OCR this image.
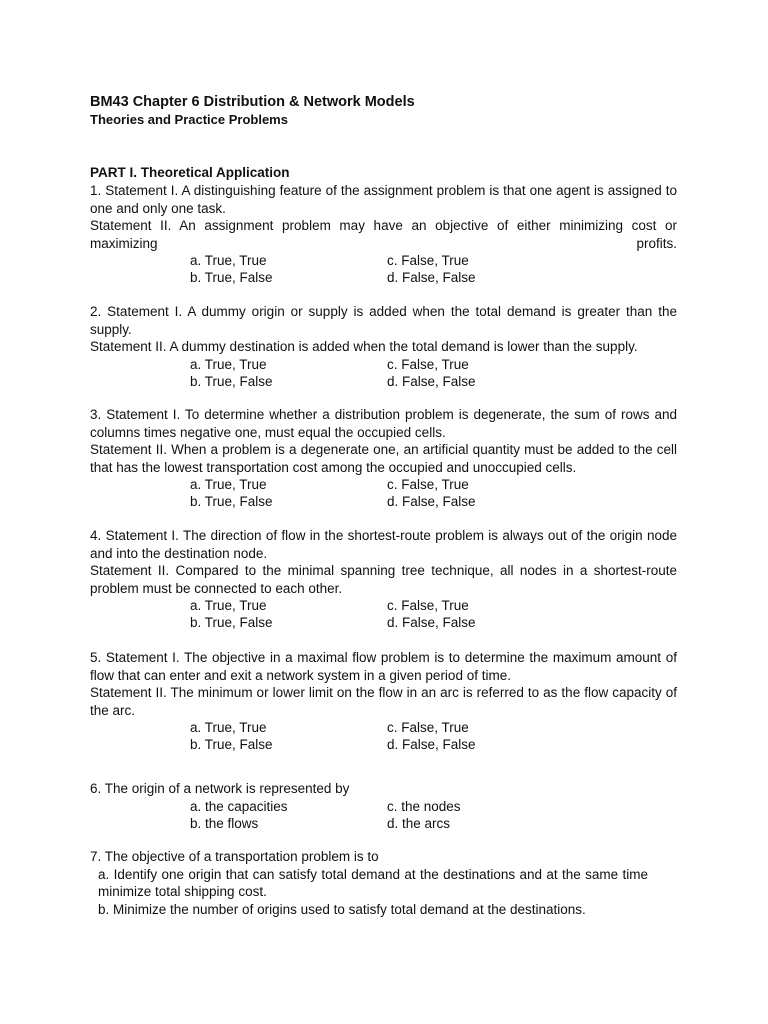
BM43 Chapter 6 Distribution & Network Models
Theories and Practice Problems
PART I. Theoretical Application

1. Statement I. A distinguishing feature of the assignment problem is that one agent is assigned to one and only one task.

Statement II. An assignment problem may have an objective of either minimizing cost or maximizing profits.

a. True, True	c. False, True
b. True, False	d. False, False

2. Statement I. A dummy origin or supply is added when the total demand is greater than the supply.

Statement II. A dummy destination is added when the total demand is lower than the supply.

a. True, True	c. False, True
b. True, False	d. False, False

3. Statement I. To determine whether a distribution problem is degenerate, the sum of rows and columns times negative one, must equal the occupied cells.

Statement II. When a problem is a degenerate one, an artificial quantity must be added to the cell that has the lowest transportation cost among the occupied and unoccupied cells.

a. True, True	c. False, True
b. True, False	d. False, False

4. Statement I. The direction of flow in the shortest-route problem is always out of the origin node and into the destination node.

Statement II. Compared to the minimal spanning tree technique, all nodes in a shortest-route problem must be connected to each other.

a. True, True	c. False, True
b. True, False	d. False, False

5. Statement I. The objective in a maximal flow problem is to determine the maximum amount of flow that can enter and exit a network system in a given period of time.

Statement II. The minimum or lower limit on the flow in an arc is referred to as the flow capacity of the arc.

a. True, True	c. False, True
b. True, False	d. False, False

6. The origin of a network is represented by

a. the capacities	c. the nodes
b. the flows	d. the arcs

7. The objective of a transportation problem is to

a. Identify one origin that can satisfy total demand at the destinations and at the same time minimize total shipping cost.

b. Minimize the number of origins used to satisfy total demand at the destinations.
